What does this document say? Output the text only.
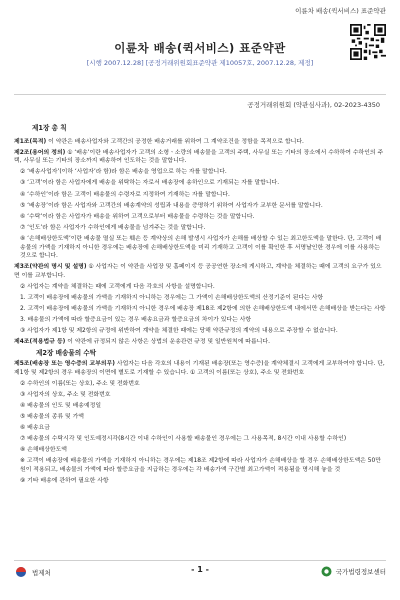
이륜차 배송(퀵서비스) 표준약관
이륜차 배송(퀵서비스) 표준약관
[시행 2007.12.28] [공정거래위원회표준약관 제10057호, 2007.12.28, 제정]
공정거래위원회 (약관심사과), 02-2023-4350
제1장 총 칙

제1조(목적) 이 약관은 배송사업자와 고객간의 공정한 배송거래를 위하여 그 계약조건을 정함을 목적으로 합니다.

제2조(용어의 정의) ① ‘배송’이란 배송사업자가 고객의 소형ㆍ소량의 배송물을 고객의 주택, 사무실 또는 기타의 장소에서 수하하여 수하인의 주택, 사무실 또는 기타의 장소까지 배송하여 인도하는 것을 말합니다.

② ‘배송사업자’(이하 ‘사업자’라 함)라 함은 배송을 영업으로 하는 자를 말합니다.

③ ‘고객’이라 함은 사업자에게 배송을 위탁하는 자로서 배송장에 송하인으로 기재되는 자를 말합니다.

④ ‘수하인’이라 함은 고객이 배송물의 수령자로 지정하여 기재하는 자를 말합니다.

⑤ ‘배송장’이라 함은 사업자와 고객간의 배송계약의 성립과 내용을 증명하기 위하여 사업자가 교부한 문서를 말합니다.

⑥ ‘수탁’이라 함은 사업자가 배송을 위하여 고객으로부터 배송물을 수령하는 것을 말합니다.

⑦ ‘인도’라 함은 사업자가 수하인에게 배송물을 넘겨주는 것을 말합니다.

⑧ ‘손해배상한도액’이란 배송물 멸실 또는 훼손 등 계약상의 손해 발생시 사업자가 손해를 배상할 수 있는 최고한도액을 말한다. 단, 고객이 배송물의 가액을 기재하지 아니한 경우에는 배송장에 손해배상한도액을 미리 기재하고 고객이 이를 확인한 후 서명날인한 경우에 이를 사용하는 것으로 합니다.

제3조(약관의 명시 및 설명) ① 사업자는 이 약관을 사업장 및 홈페이지 등 공공연한 장소에 게시하고, 계약을 체결하는 때에 고객의 요구가 있으면 이를 교부합니다.

② 사업자는 계약을 체결하는 때에 고객에게 다음 각호의 사항을 설명합니다.

1. 고객이 배송장에 배송물의 가액을 기재하지 아니하는 경우에는 그 가액이 손해배상한도액의 산정기준이 된다는 사항

2. 고객이 배송장에 배송물의 가액을 기재하지 아니한 경우에 배송장 제18조 제2항에 의한 손해배상한도액 내에서만 손해배상을 받는다는 사항

3. 배송물의 가액에 따라 할증요금이 있는 경우 배송요금과 할증요금의 차이가 있다는 사항

③ 사업자가 제1항 및 제2항의 규정에 위반하여 계약을 체결한 때에는 당해 약관규정의 계약의 내용으로 주장할 수 없습니다.

제4조(적용법규 등) 이 약관에 규정되지 않은 사항은 상법의 운송관련 규정 및 일반원칙에 따릅니다.

제2장 배송물의 수탁

제5조(배송장 또는 영수증의 교부의무) 사업자는 다음 각호의 내용이 기재된 배송장(또는 영수증)을 계약체결시 고객에게 교부하여야 합니다. 단, 제1항 및 제2항의 경우 배송장의 이면에 별도로 기재할 수 있습니다. ① 고객의 이름(또는 상호), 주소 및 전화번호

② 수하인의 이름(또는 상호), 주소 및 전화번호

③ 사업자의 상호, 주소 및 전화번호

④ 배송물의 인도 및 배송예정일

⑤ 배송물의 종류 및 가액

⑥ 배송요금

⑦ 배송물의 수탁시각 및 인도예정시각(8시간 이내 수하인이 사용할 배송물인 경우에는 그 사용목적, 8시간 이내 사용할 수하인)

⑧ 손해배상한도액

※ 고객이 배송장에 배송물의 가액을 기재하지 아니하는 경우에는 제18조 제2항에 따라 사업자가 손해배상을 할 경우 손해배상한도액은 50만원이 적용되고, 배송물의 가액에 따라 할증요금을 지급하는 경우에는 각 배송가액 구간별 최고가액이 적용됨을 명시해 놓을 것

⑨ 기타 배송에 관하여 필요한 사항

법제처	- 1 -	국가법령정보센터
